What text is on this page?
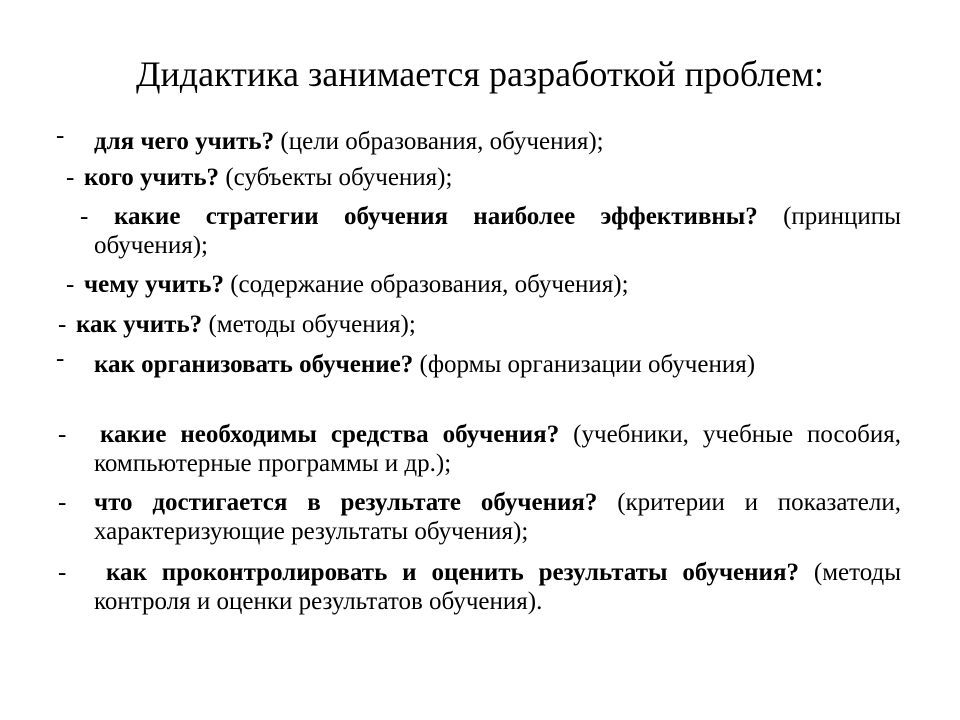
Дидактика занимается разработкой проблем:
- для чего учить? (цели образования, обучения);
- кого учить? (субъекты обучения);
-	какие стратегии обучения наиболее эффективны? (принципы обучения);
- чему учить? (содержание образования, обучения);
- как учить? (методы обучения);
- как организовать обучение? (формы организации обучения)
- какие необходимы средства обучения? (учебники, учебные пособия, компьютерные программы и др.);
- что достигается в результате обучения? (критерии и показатели, характеризующие результаты обучения);
-	как проконтролировать и оценить результаты обучения? (методы контроля и оценки результатов обучения).
